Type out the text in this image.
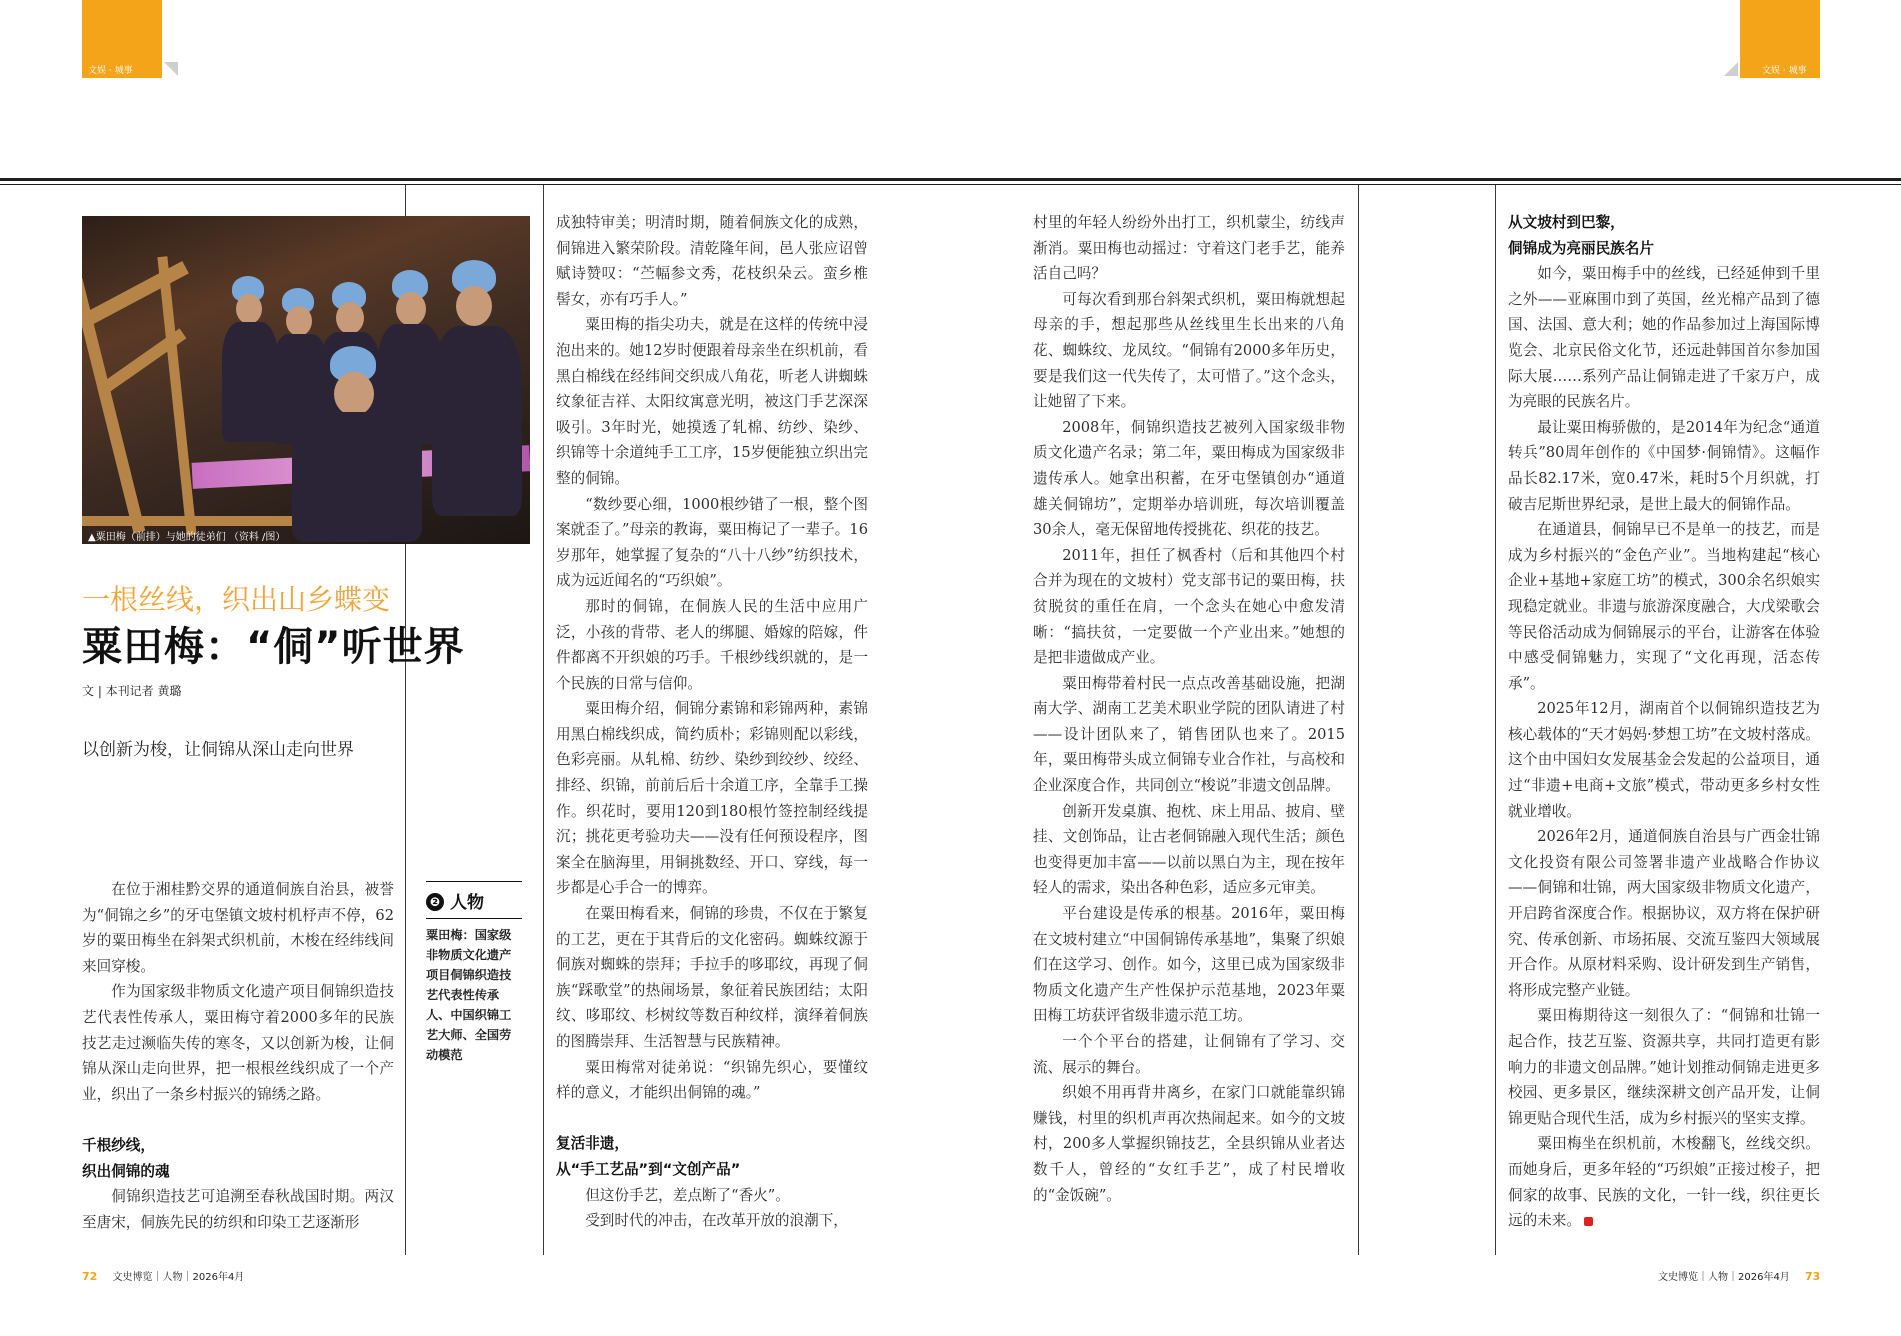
文娱 · 城事	文娱 · 城事
▲粟田梅（前排）与她的徒弟们 （资料 /图）
一根丝线，织出山乡蝶变
粟田梅：“侗”听世界
文 | 本刊记者 黄璐
以创新为梭，让侗锦从深山走向世界

在位于湘桂黔交界的通道侗族自治县，被誉为“侗锦之乡”的牙屯堡镇文坡村机杼声不停，62岁的粟田梅坐在斜架式织机前，木梭在经纬线间来回穿梭。

作为国家级非物质文化遗产项目侗锦织造技艺代表性传承人，粟田梅守着2000多年的民族技艺走过濒临失传的寒冬，又以创新为梭，让侗锦从深山走向世界，把一根根丝线织成了一个产业，织出了一条乡村振兴的锦绣之路。

千根纱线，
织出侗锦的魂

侗锦织造技艺可追溯至春秋战国时期。两汉至唐宋，侗族先民的纺织和印染工艺逐渐形

❷ 人物
粟田梅：国家级非物质文化遗产项目侗锦织造技艺代表性传承人、中国织锦工艺大师、全国劳动模范

成独特审美；明清时期，随着侗族文化的成熟，侗锦进入繁荣阶段。清乾隆年间，邑人张应诏曾赋诗赞叹：“苎幅参文秀，花枝织朵云。蛮乡椎髻女，亦有巧手人。”

粟田梅的指尖功夫，就是在这样的传统中浸泡出来的。她12岁时便跟着母亲坐在织机前，看黑白棉线在经纬间交织成八角花，听老人讲蜘蛛纹象征吉祥、太阳纹寓意光明，被这门手艺深深吸引。3年时光，她摸透了轧棉、纺纱、染纱、织锦等十余道纯手工工序，15岁便能独立织出完整的侗锦。

“数纱要心细，1000根纱错了一根，整个图案就歪了。”母亲的教诲，粟田梅记了一辈子。16岁那年，她掌握了复杂的“八十八纱”纺织技术，成为远近闻名的“巧织娘”。

那时的侗锦，在侗族人民的生活中应用广泛，小孩的背带、老人的绑腿、婚嫁的陪嫁，件件都离不开织娘的巧手。千根纱线织就的，是一个民族的日常与信仰。

粟田梅介绍，侗锦分素锦和彩锦两种，素锦用黑白棉线织成，简约质朴；彩锦则配以彩线，色彩亮丽。从轧棉、纺纱、染纱到绞纱、绞经、排经、织锦，前前后后十余道工序，全靠手工操作。织花时，要用120到180根竹签控制经线提沉；挑花更考验功夫——没有任何预设程序，图案全在脑海里，用铜挑数经、开口、穿线，每一步都是心手合一的博弈。

在粟田梅看来，侗锦的珍贵，不仅在于繁复的工艺，更在于其背后的文化密码。蜘蛛纹源于侗族对蜘蛛的崇拜；手拉手的哆耶纹，再现了侗族“踩歌堂”的热闹场景，象征着民族团结；太阳纹、哆耶纹、杉树纹等数百种纹样，演绎着侗族的图腾崇拜、生活智慧与民族精神。

粟田梅常对徒弟说：“织锦先织心，要懂纹样的意义，才能织出侗锦的魂。”

复活非遗，
从“手工艺品”到“文创产品”

但这份手艺，差点断了“香火”。

受到时代的冲击，在改革开放的浪潮下，

村里的年轻人纷纷外出打工，织机蒙尘，纺线声渐消。粟田梅也动摇过：守着这门老手艺，能养活自己吗？

可每次看到那台斜架式织机，粟田梅就想起母亲的手，想起那些从丝线里生长出来的八角花、蜘蛛纹、龙凤纹。“侗锦有2000多年历史，要是我们这一代失传了，太可惜了。”这个念头，让她留了下来。

2008年，侗锦织造技艺被列入国家级非物质文化遗产名录；第二年，粟田梅成为国家级非遗传承人。她拿出积蓄，在牙屯堡镇创办“通道雄关侗锦坊”，定期举办培训班，每次培训覆盖30余人，毫无保留地传授挑花、织花的技艺。

2011年，担任了枫香村（后和其他四个村合并为现在的文坡村）党支部书记的粟田梅，扶贫脱贫的重任在肩，一个念头在她心中愈发清晰：“搞扶贫，一定要做一个产业出来。”她想的是把非遗做成产业。

粟田梅带着村民一点点改善基础设施，把湖南大学、湖南工艺美术职业学院的团队请进了村——设计团队来了，销售团队也来了。2015年，粟田梅带头成立侗锦专业合作社，与高校和企业深度合作，共同创立“梭说”非遗文创品牌。

创新开发桌旗、抱枕、床上用品、披肩、壁挂、文创饰品，让古老侗锦融入现代生活；颜色也变得更加丰富——以前以黑白为主，现在按年轻人的需求，染出各种色彩，适应多元审美。

平台建设是传承的根基。2016年，粟田梅在文坡村建立“中国侗锦传承基地”，集聚了织娘们在这学习、创作。如今，这里已成为国家级非物质文化遗产生产性保护示范基地，2023年粟田梅工坊获评省级非遗示范工坊。

一个个平台的搭建，让侗锦有了学习、交流、展示的舞台。

织娘不用再背井离乡，在家门口就能靠织锦赚钱，村里的织机声再次热闹起来。如今的文坡村，200多人掌握织锦技艺，全县织锦从业者达数千人，曾经的“女红手艺”，成了村民增收的“金饭碗”。

从文坡村到巴黎，
侗锦成为亮丽民族名片

如今，粟田梅手中的丝线，已经延伸到千里之外——亚麻围巾到了英国，丝光棉产品到了德国、法国、意大利；她的作品参加过上海国际博览会、北京民俗文化节，还远赴韩国首尔参加国际大展……系列产品让侗锦走进了千家万户，成为亮眼的民族名片。

最让粟田梅骄傲的，是2014年为纪念“通道转兵”80周年创作的《中国梦·侗锦情》。这幅作品长82.17米，宽0.47米，耗时5个月织就，打破吉尼斯世界纪录，是世上最大的侗锦作品。

在通道县，侗锦早已不是单一的技艺，而是成为乡村振兴的“金色产业”。当地构建起“核心企业+基地+家庭工坊”的模式，300余名织娘实现稳定就业。非遗与旅游深度融合，大戊梁歌会等民俗活动成为侗锦展示的平台，让游客在体验中感受侗锦魅力，实现了“文化再现，活态传承”。

2025年12月，湖南首个以侗锦织造技艺为核心载体的“天才妈妈·梦想工坊”在文坡村落成。这个由中国妇女发展基金会发起的公益项目，通过“非遗+电商+文旅”模式，带动更多乡村女性就业增收。

2026年2月，通道侗族自治县与广西金壮锦文化投资有限公司签署非遗产业战略合作协议——侗锦和壮锦，两大国家级非物质文化遗产，开启跨省深度合作。根据协议，双方将在保护研究、传承创新、市场拓展、交流互鉴四大领域展开合作。从原材料采购、设计研发到生产销售，将形成完整产业链。

粟田梅期待这一刻很久了：“侗锦和壮锦一起合作，技艺互鉴、资源共享，共同打造更有影响力的非遗文创品牌。”她计划推动侗锦走进更多校园、更多景区，继续深耕文创产品开发，让侗锦更贴合现代生活，成为乡村振兴的坚实支撑。

粟田梅坐在织机前，木梭翻飞，丝线交织。而她身后，更多年轻的“巧织娘”正接过梭子，把侗家的故事、民族的文化，一针一线，织往更长远的未来。

72 文史博览｜人物｜2026年4月	文史博览｜人物｜2026年4月 73
